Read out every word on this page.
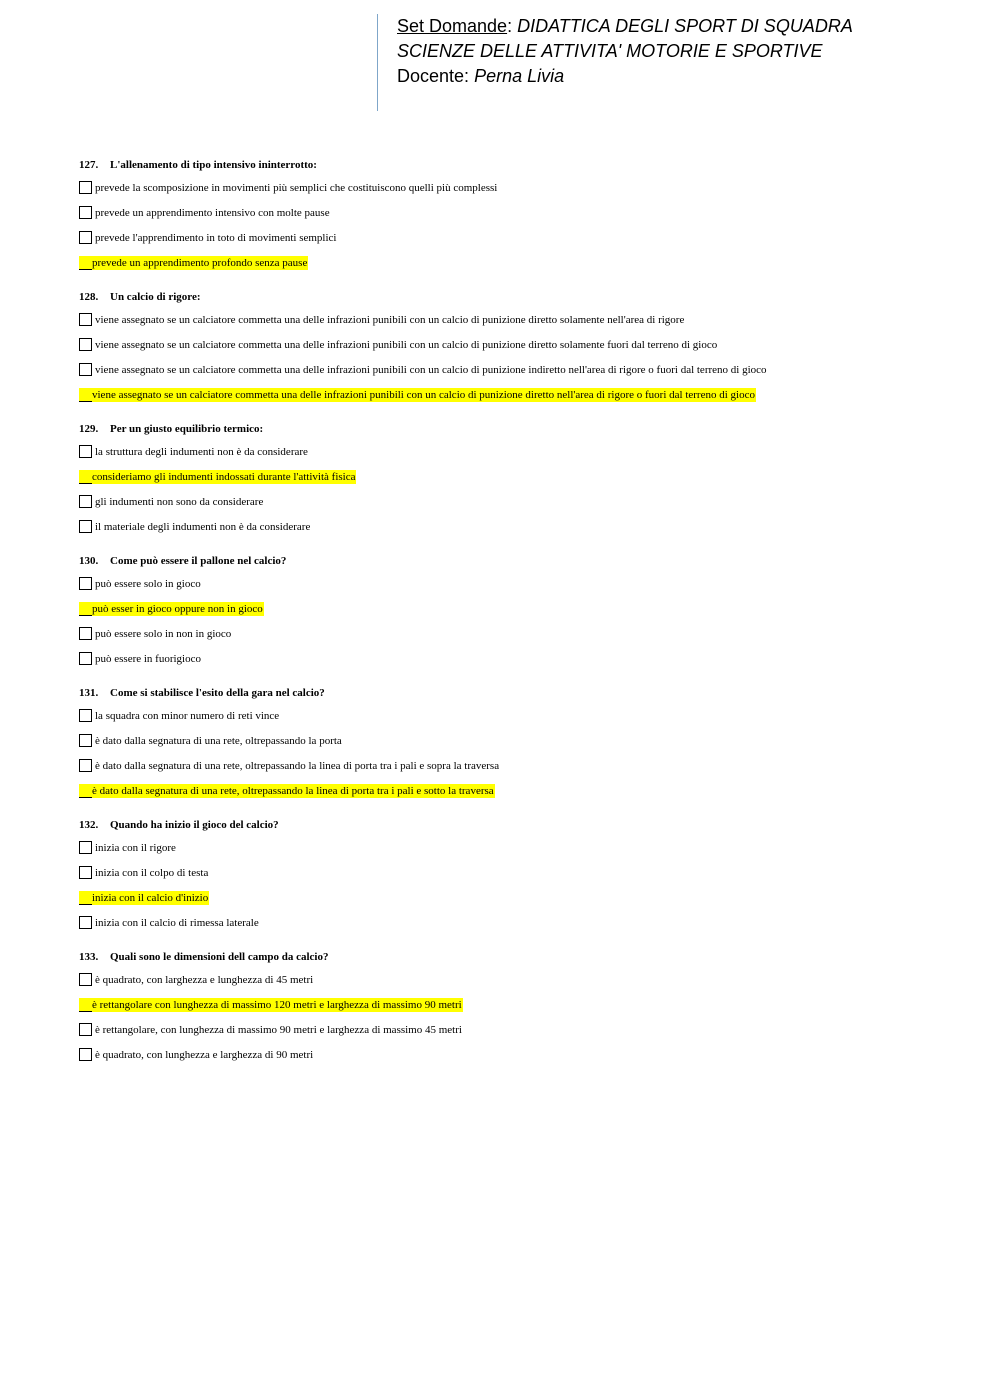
Set Domande: DIDATTICA DEGLI SPORT DI SQUADRA
SCIENZE DELLE ATTIVITA' MOTORIE E SPORTIVE
Docente: Perna Livia
127. L'allenamento di tipo intensivo ininterrotto:
prevede la scomposizione in movimenti più semplici che costituiscono quelli più complessi
prevede un apprendimento intensivo con molte pause
prevede l'apprendimento in toto di movimenti semplici
prevede un apprendimento profondo senza pause
128. Un calcio di rigore:
viene assegnato se un calciatore commetta una delle infrazioni punibili con un calcio di punizione diretto solamente nell'area di rigore
viene assegnato se un calciatore commetta una delle infrazioni punibili con un calcio di punizione diretto solamente fuori dal terreno di gioco
viene assegnato se un calciatore commetta una delle infrazioni punibili con un calcio di punizione indiretto nell'area di rigore o fuori dal terreno di gioco
viene assegnato se un calciatore commetta una delle infrazioni punibili con un calcio di punizione diretto nell'area di rigore o fuori dal terreno di gioco
129. Per un giusto equilibrio termico:
la struttura degli indumenti non è da considerare
consideriamo gli indumenti indossati durante l'attività fisica
gli indumenti non sono da considerare
il materiale degli indumenti non è da considerare
130. Come può essere il pallone nel calcio?
può essere solo in gioco
può esser in gioco oppure non in gioco
può essere solo in non in gioco
può essere in fuorigioco
131. Come si stabilisce l'esito della gara nel calcio?
la squadra con minor numero di reti vince
è dato dalla segnatura di una rete, oltrepassando la porta
è dato dalla segnatura di una rete, oltrepassando la linea di porta tra i pali e sopra la traversa
è dato dalla segnatura di una rete, oltrepassando la linea di porta tra i pali e sotto la traversa
132. Quando ha inizio il gioco del calcio?
inizia con il rigore
inizia con il colpo di testa
inizia con il calcio d'inizio
inizia con il calcio di rimessa laterale
133. Quali sono le dimensioni dell campo da calcio?
è quadrato, con larghezza e lunghezza di 45 metri
è rettangolare con lunghezza di massimo 120 metri e larghezza di massimo 90 metri
è rettangolare, con lunghezza di massimo 90 metri e larghezza di massimo 45 metri
è quadrato, con lunghezza e larghezza di 90 metri
